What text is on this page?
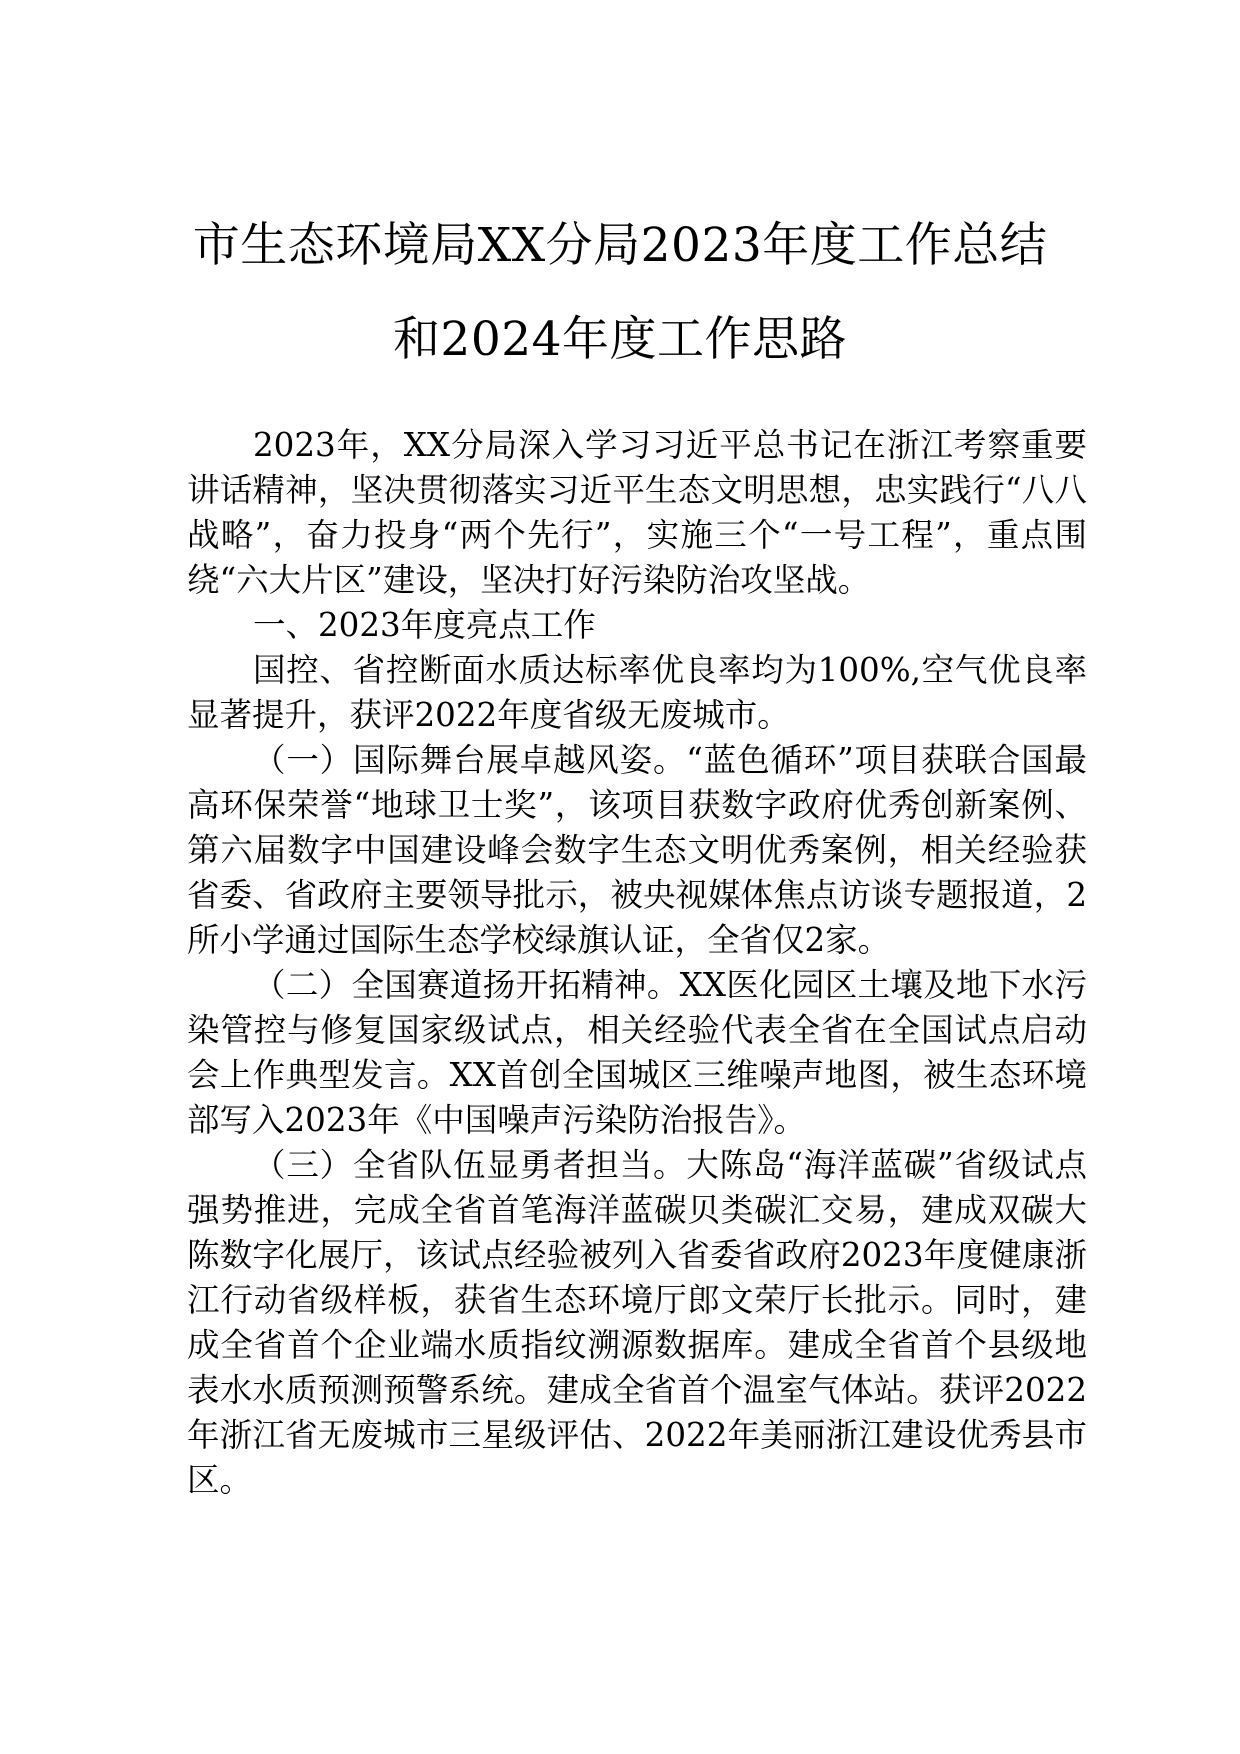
市生态环境局XX分局2023年度工作总结
和2024年度工作思路

2023年，XX分局深入学习习近平总书记在浙江考察重要讲话精神，坚决贯彻落实习近平生态文明思想，忠实践行“八八战略”，奋力投身“两个先行”，实施三个“一号工程”，重点围绕“六大片区”建设，坚决打好污染防治攻坚战。

一、2023年度亮点工作

国控、省控断面水质达标率优良率均为100%,空气优良率显著提升，获评2022年度省级无废城市。

（一）国际舞台展卓越风姿。“蓝色循环”项目获联合国最高环保荣誉“地球卫士奖”，该项目获数字政府优秀创新案例、第六届数字中国建设峰会数字生态文明优秀案例，相关经验获省委、省政府主要领导批示，被央视媒体焦点访谈专题报道，2所小学通过国际生态学校绿旗认证，全省仅2家。

（二）全国赛道扬开拓精神。XX医化园区土壤及地下水污染管控与修复国家级试点，相关经验代表全省在全国试点启动会上作典型发言。XX首创全国城区三维噪声地图，被生态环境部写入2023年《中国噪声污染防治报告》。

（三）全省队伍显勇者担当。大陈岛“海洋蓝碳”省级试点强势推进，完成全省首笔海洋蓝碳贝类碳汇交易，建成双碳大陈数字化展厅，该试点经验被列入省委省政府2023年度健康浙江行动省级样板，获省生态环境厅郎文荣厅长批示。同时，建成全省首个企业端水质指纹溯源数据库。建成全省首个县级地表水水质预测预警系统。建成全省首个温室气体站。获评2022年浙江省无废城市三星级评估、2022年美丽浙江建设优秀县市区。
